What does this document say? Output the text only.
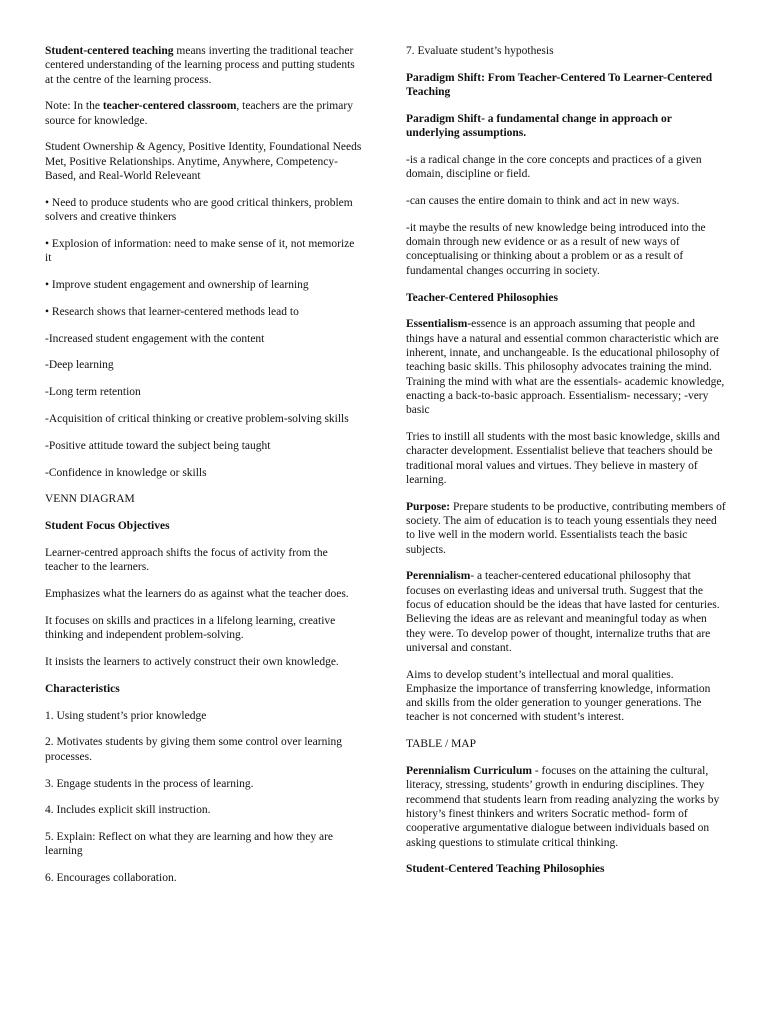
Student-centered teaching means inverting the traditional teacher centered understanding of the learning process and putting students at the centre of the learning process.

Note: In the teacher-centered classroom, teachers are the primary source for knowledge.

Student Ownership & Agency, Positive Identity, Foundational Needs Met, Positive Relationships. Anytime, Anywhere, Competency-Based, and Real-World Releveant

• Need to produce students who are good critical thinkers, problem solvers and creative thinkers

• Explosion of information: need to make sense of it, not memorize it

• Improve student engagement and ownership of learning

• Research shows that learner-centered methods lead to

-Increased student engagement with the content

-Deep learning

-Long term retention

-Acquisition of critical thinking or creative problem-solving skills

-Positive attitude toward the subject being taught

-Confidence in knowledge or skills

VENN DIAGRAM

Student Focus Objectives

Learner-centred approach shifts the focus of activity from the teacher to the learners.

Emphasizes what the learners do as against what the teacher does.

It focuses on skills and practices in a lifelong learning, creative thinking and independent problem-solving.

It insists the learners to actively construct their own knowledge.

Characteristics

1. Using student’s prior knowledge

2. Motivates students by giving them some control over learning processes.

3. Engage students in the process of learning.

4. Includes explicit skill instruction.

5. Explain: Reflect on what they are learning and how they are learning

6. Encourages collaboration.

7. Evaluate student’s hypothesis

Paradigm Shift: From Teacher-Centered To Learner-Centered Teaching

Paradigm Shift- a fundamental change in approach or underlying assumptions.

-is a radical change in the core concepts and practices of a given domain, discipline or field.

-can causes the entire domain to think and act in new ways.

-it maybe the results of new knowledge being introduced into the domain through new evidence or as a result of new ways of conceptualising or thinking about a problem or as a result of fundamental changes occurring in society.

Teacher-Centered Philosophies

Essentialism-essence is an approach assuming that people and things have a natural and essential common characteristic which are inherent, innate, and unchangeable. Is the educational philosophy of teaching basic skills. This philosophy advocates training the mind. Training the mind with what are the essentials- academic knowledge, enacting a back-to-basic approach. Essentialism- necessary; -very basic

Tries to instill all students with the most basic knowledge, skills and character development. Essentialist believe that teachers should be traditional moral values and virtues. They believe in mastery of learning.

Purpose: Prepare students to be productive, contributing members of society. The aim of education is to teach young essentials they need to live well in the modern world. Essentialists teach the basic subjects.

Perennialism- a teacher-centered educational philosophy that focuses on everlasting ideas and universal truth. Suggest that the focus of education should be the ideas that have lasted for centuries. Believing the ideas are as relevant and meaningful today as when they were. To develop power of thought, internalize truths that are universal and constant.

Aims to develop student’s intellectual and moral qualities. Emphasize the importance of transferring knowledge, information and skills from the older generation to younger generations. The teacher is not concerned with student’s interest.

TABLE / MAP

Perennialism Curriculum - focuses on the attaining the cultural, literacy, stressing, students’ growth in enduring disciplines. They recommend that students learn from reading analyzing the works by history’s finest thinkers and writers Socratic method- form of cooperative argumentative dialogue between individuals based on asking questions to stimulate critical thinking.

Student-Centered Teaching Philosophies
